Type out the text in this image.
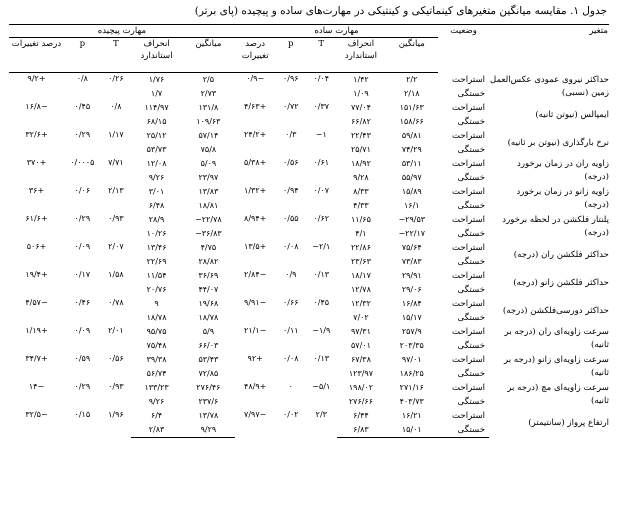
جدول ۱. مقایسه میانگین متغیرهای کینماتیکی و کینتیکی در مهارت‌های ساده و پیچیده (پای برتر)
متغیر	وضعیت	مهارت ساده					مهارت پیچیده				
		میانگین	انحراف استاندارد	T	p	درصد تغییرات	میانگین	انحراف استاندارد	T	p	درصد تغییرات
حداکثر نیروی عمودی عکس‌العمل زمین (نسبی)	استراحت	۲/۲	۱/۴۲	۰/۰۴	۰/۹۶	−۰/۹	۲/۵	۱/۷۶	۰/۲۶	۰/۸	+۹/۲
	خستگی	۲/۱۸	۱/۰۹				۲/۷۳	۱/۷			
ایمپالس (نیوتن ثانیه)	استراحت	۱۵۱/۶۳	۷۷/۰۴	۰/۳۷	۰/۷۲	+۴/۶۳	۱۳۱/۸	۱۱۴/۹۷	۰/۸	۰/۴۵	−۱۶/۸
	خستگی	۱۵۸/۶۶	۶۶/۸۲				۱۰۹/۶۳	۶۸/۱۵			
نرخ بارگذاری (نیوتن بر ثانیه)	استراحت	۵۹/۸۱	۲۲/۴۳	۱−	۰/۳	+۲۴/۲	۵۷/۱۴	۲۵/۱۲	۱/۱۷	۰/۲۹	+۳۲/۶
	خستگی	۷۴/۲۹	۲۵/۷۱				۷۵/۸	۵۳/۷۳			
زاویه ران در زمان برخورد (درجه)	استراحت	۵۳/۱۱	۱۸/۹۲	۰/۶۱	۰/۵۶	+۵/۳۸	۵/۰۹	۱۲/۰۸	۷/۷۱	۰/۰۰۰۵	+۳۷۰
	خستگی	۵۵/۹۷	۹/۲۸				۲۳/۹۷	۹/۲۶			
زاویه زانو در زمان برخورد (درجه)	استراحت	۱۵/۸۹	۸/۳۳	۰/۰۷	۰/۹۴	+۱/۳۲	۱۳/۸۳	۳/۰۱	۲/۱۳	۰/۰۶	+۳۶
	خستگی	۱۶/۱	۴/۳۳				۱۸/۸۱	۶/۴۸			
پلنتار فلکشن در لحظه برخورد (درجه)	استراحت	۲۹/۵۳−	۱۱/۶۵	۰/۶۲	۰/۵۵	+۸/۹۴	۲۲/۷۸−	۲۸/۹	۰/۹۳	۰/۲۹	+۶۱/۶
	خستگی	۲۲/۱۷−	۴/۱				۳۶/۸۳−	۱۰/۲۶			
حداکثر فلکشن ران (درجه)	استراحت	۷۵/۶۴	۲۲/۸۶	۲/۱−	۰/۰۸	+۱۳/۵	۴/۷۵	۱۳/۴۶	۲/۰۷	۰/۰۹	+۵۰۶
	خستگی	۷۳/۸۳	۲۳/۶۳				۲۸/۸۲	۲۲/۶۹			
حداکثر فلکشن زانو (درجه)	استراحت	۲۹/۹۱	۱۸/۱۷	۰/۱۳	۰/۹	−۲/۸۴	۳۶/۶۹	۱۱/۵۴	۱/۵۸	۰/۱۷	+۱۹/۴
	خستگی	۲۹/۰۶	۱۲/۷۸				۴۴/۰۷	۲۰/۷۶			
حداکثر دورسی‌فلکشن (درجه)	استراحت	۱۶/۸۴	۱۲/۳۲	۰/۴۵	۰/۶۶	−۹/۹۱	۱۹/۶۸	۹	۰/۷۸	۰/۴۶	−۴/۵۷
	خستگی	۱۵/۱۷	۷/۰۲				۱۸/۷۸	۱۸/۷۸			
سرعت زاویه‌ای ران (درجه بر ثانیه)	استراحت	۲۵۷/۹	۹۷/۳۱	۱/۹−	۰/۱۱	−۲۱/۱	۵/۹	۹۵/۷۵	۲/۰۱	۰/۰۹	+۱/۱۹
	خستگی	۲۰۳/۳۵	۵۷/۰۱				۶۶/۰۳	۷۵/۴۸			
سرعت زاویه‌ای زانو (درجه بر ثانیه)	استراحت	۹۷/۰۱	۶۷/۳۸	۰/۱۳	۰/۰۸	+۹۲	۵۳/۴۳	۳۹/۳۸	۰/۵۶	۰/۵۹	+۳۴/۷
	خستگی	۱۸۶/۲۵	۱۲۳/۹۷				۷۲/۸۵	۵۶/۷۴			
سرعت زاویه‌ای مچ (درجه بر ثانیه)	استراحت	۲۷۱/۱۶	۱۹۸/۰۲	۵/۱−	۰	+۴۸/۹	۲۷۶/۴۶	۱۳۳/۲۳	۰/۹۳	۰/۲۹	−۱۴
	خستگی	۴۰۳/۷۳	۲۷۶/۶۶				۲۳۷/۶	۹/۲۶			
ارتفاع پرواز (سانتیمتر)	استراحت	۱۶/۲۱	۶/۴۴	۲/۳	۰/۰۲	−۷/۹۷	۱۳/۷۸	۶/۴	۱/۹۶	۰/۱۵	−۳۲/۵
	خستگی	۱۵/۰۱	۶/۸۳				۹/۲۹	۲/۸۳			
